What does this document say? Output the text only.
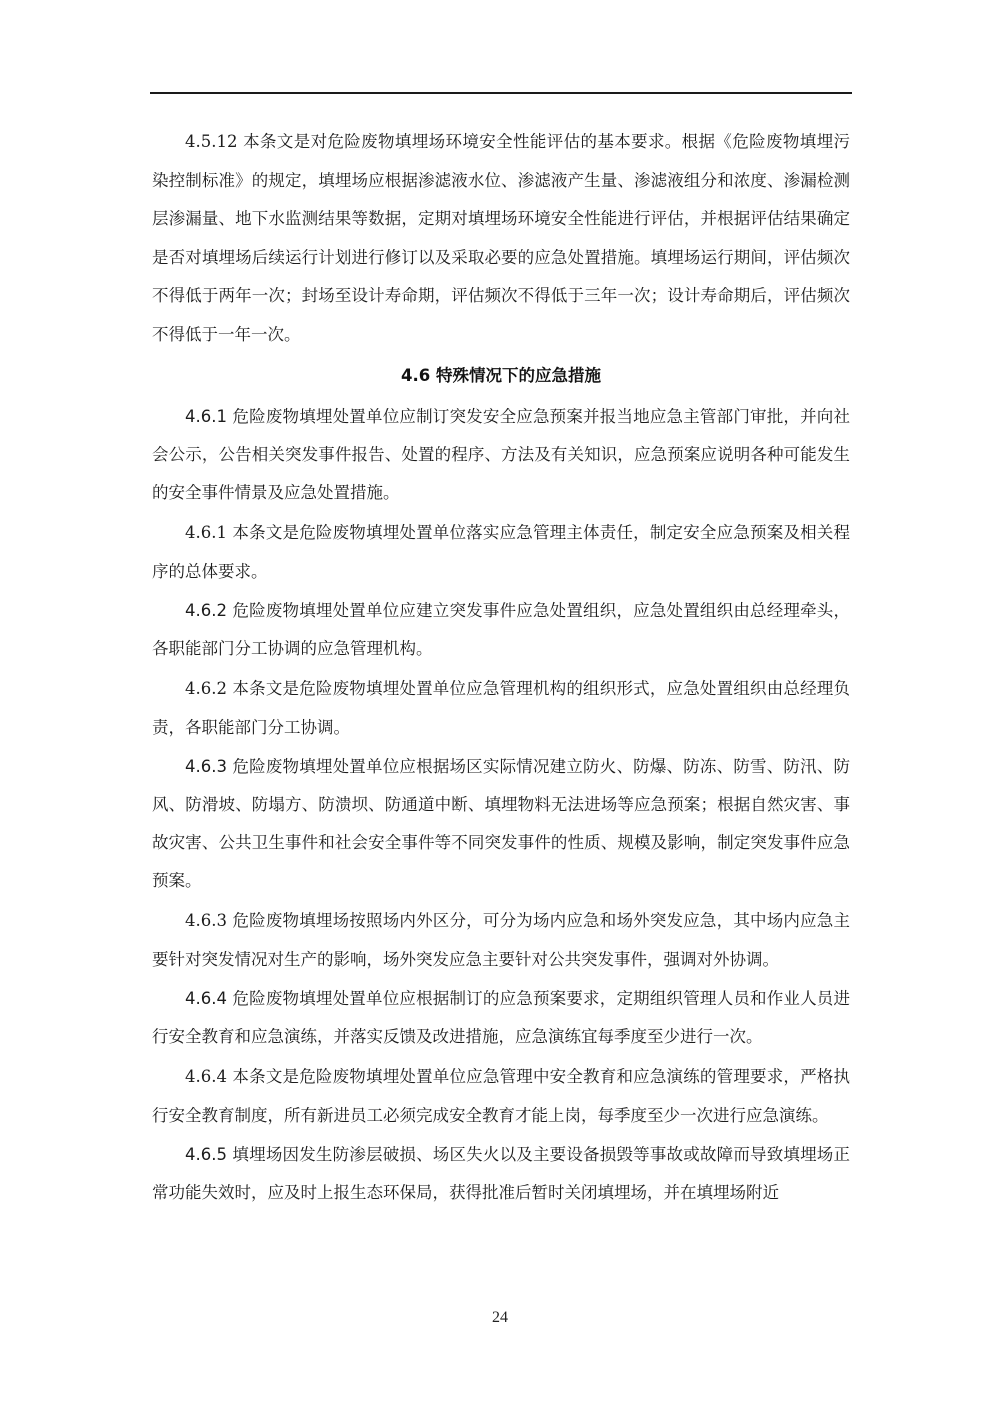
4.5.12 本条文是对危险废物填埋场环境安全性能评估的基本要求。根据《危险废物填埋污染控制标准》的规定，填埋场应根据渗滤液水位、渗滤液产生量、渗滤液组分和浓度、渗漏检测层渗漏量、地下水监测结果等数据，定期对填埋场环境安全性能进行评估，并根据评估结果确定是否对填埋场后续运行计划进行修订以及采取必要的应急处置措施。填埋场运行期间，评估频次不得低于两年一次；封场至设计寿命期，评估频次不得低于三年一次；设计寿命期后，评估频次不得低于一年一次。

4.6 特殊情况下的应急措施

4.6.1 危险废物填埋处置单位应制订突发安全应急预案并报当地应急主管部门审批，并向社会公示，公告相关突发事件报告、处置的程序、方法及有关知识，应急预案应说明各种可能发生的安全事件情景及应急处置措施。

4.6.1 本条文是危险废物填埋处置单位落实应急管理主体责任，制定安全应急预案及相关程序的总体要求。

4.6.2 危险废物填埋处置单位应建立突发事件应急处置组织，应急处置组织由总经理牵头，各职能部门分工协调的应急管理机构。

4.6.2 本条文是危险废物填埋处置单位应急管理机构的组织形式，应急处置组织由总经理负责，各职能部门分工协调。

4.6.3 危险废物填埋处置单位应根据场区实际情况建立防火、防爆、防冻、防雪、防汛、防风、防滑坡、防塌方、防溃坝、防通道中断、填埋物料无法进场等应急预案；根据自然灾害、事故灾害、公共卫生事件和社会安全事件等不同突发事件的性质、规模及影响，制定突发事件应急预案。

4.6.3 危险废物填埋场按照场内外区分，可分为场内应急和场外突发应急，其中场内应急主要针对突发情况对生产的影响，场外突发应急主要针对公共突发事件，强调对外协调。

4.6.4 危险废物填埋处置单位应根据制订的应急预案要求，定期组织管理人员和作业人员进行安全教育和应急演练，并落实反馈及改进措施，应急演练宜每季度至少进行一次。

4.6.4 本条文是危险废物填埋处置单位应急管理中安全教育和应急演练的管理要求，严格执行安全教育制度，所有新进员工必须完成安全教育才能上岗，每季度至少一次进行应急演练。

4.6.5 填埋场因发生防渗层破损、场区失火以及主要设备损毁等事故或故障而导致填埋场正常功能失效时，应及时上报生态环保局，获得批准后暂时关闭填埋场，并在填埋场附近

24
